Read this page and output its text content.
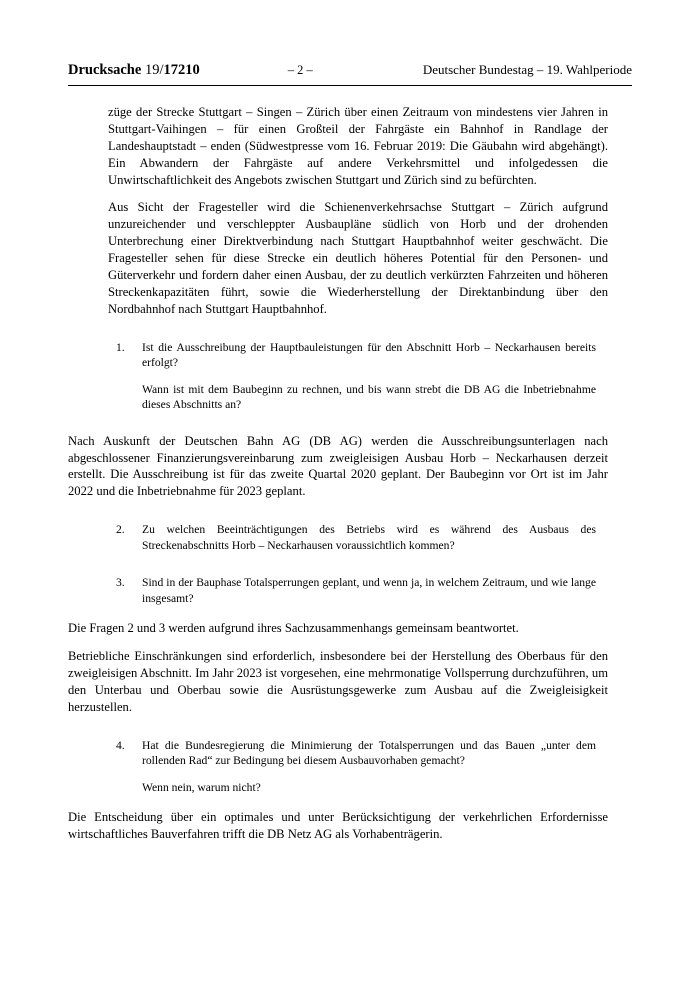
Drucksache 19/17210	– 2 –	Deutscher Bundestag – 19. Wahlperiode

züge der Strecke Stuttgart – Singen – Zürich über einen Zeitraum von mindestens vier Jahren in Stuttgart-Vaihingen – für einen Großteil der Fahrgäste ein Bahnhof in Randlage der Landeshauptstadt – enden (Südwestpresse vom 16. Februar 2019: Die Gäubahn wird abgehängt). Ein Abwandern der Fahrgäste auf andere Verkehrsmittel und infolgedessen die Unwirtschaftlichkeit des Angebots zwischen Stuttgart und Zürich sind zu befürchten.

Aus Sicht der Fragesteller wird die Schienenverkehrsachse Stuttgart – Zürich aufgrund unzureichender und verschleppter Ausbaupläne südlich von Horb und der drohenden Unterbrechung einer Direktverbindung nach Stuttgart Hauptbahnhof weiter geschwächt. Die Fragesteller sehen für diese Strecke ein deutlich höheres Potential für den Personen- und Güterverkehr und fordern daher einen Ausbau, der zu deutlich verkürzten Fahrzeiten und höheren Streckenkapazitäten führt, sowie die Wiederherstellung der Direktanbindung über den Nordbahnhof nach Stuttgart Hauptbahnhof.

1.	Ist die Ausschreibung der Hauptbauleistungen für den Abschnitt Horb – Neckarhausen bereits erfolgt?

Wann ist mit dem Baubeginn zu rechnen, und bis wann strebt die DB AG die Inbetriebnahme dieses Abschnitts an?

Nach Auskunft der Deutschen Bahn AG (DB AG) werden die Ausschreibungsunterlagen nach abgeschlossener Finanzierungsvereinbarung zum zweigleisigen Ausbau Horb – Neckarhausen derzeit erstellt. Die Ausschreibung ist für das zweite Quartal 2020 geplant. Der Baubeginn vor Ort ist im Jahr 2022 und die Inbetriebnahme für 2023 geplant.

2.	Zu welchen Beeinträchtigungen des Betriebs wird es während des Ausbaus des Streckenabschnitts Horb – Neckarhausen voraussichtlich kommen?

3.	Sind in der Bauphase Totalsperrungen geplant, und wenn ja, in welchem Zeitraum, und wie lange insgesamt?

Die Fragen 2 und 3 werden aufgrund ihres Sachzusammenhangs gemeinsam beantwortet.

Betriebliche Einschränkungen sind erforderlich, insbesondere bei der Herstellung des Oberbaus für den zweigleisigen Abschnitt. Im Jahr 2023 ist vorgesehen, eine mehrmonatige Vollsperrung durchzuführen, um den Unterbau und Oberbau sowie die Ausrüstungsgewerke zum Ausbau auf die Zweigleisigkeit herzustellen.

4.	Hat die Bundesregierung die Minimierung der Totalsperrungen und das Bauen „unter dem rollenden Rad“ zur Bedingung bei diesem Ausbauvorhaben gemacht?

Wenn nein, warum nicht?

Die Entscheidung über ein optimales und unter Berücksichtigung der verkehrlichen Erfordernisse wirtschaftliches Bauverfahren trifft die DB Netz AG als Vorhabenträgerin.
